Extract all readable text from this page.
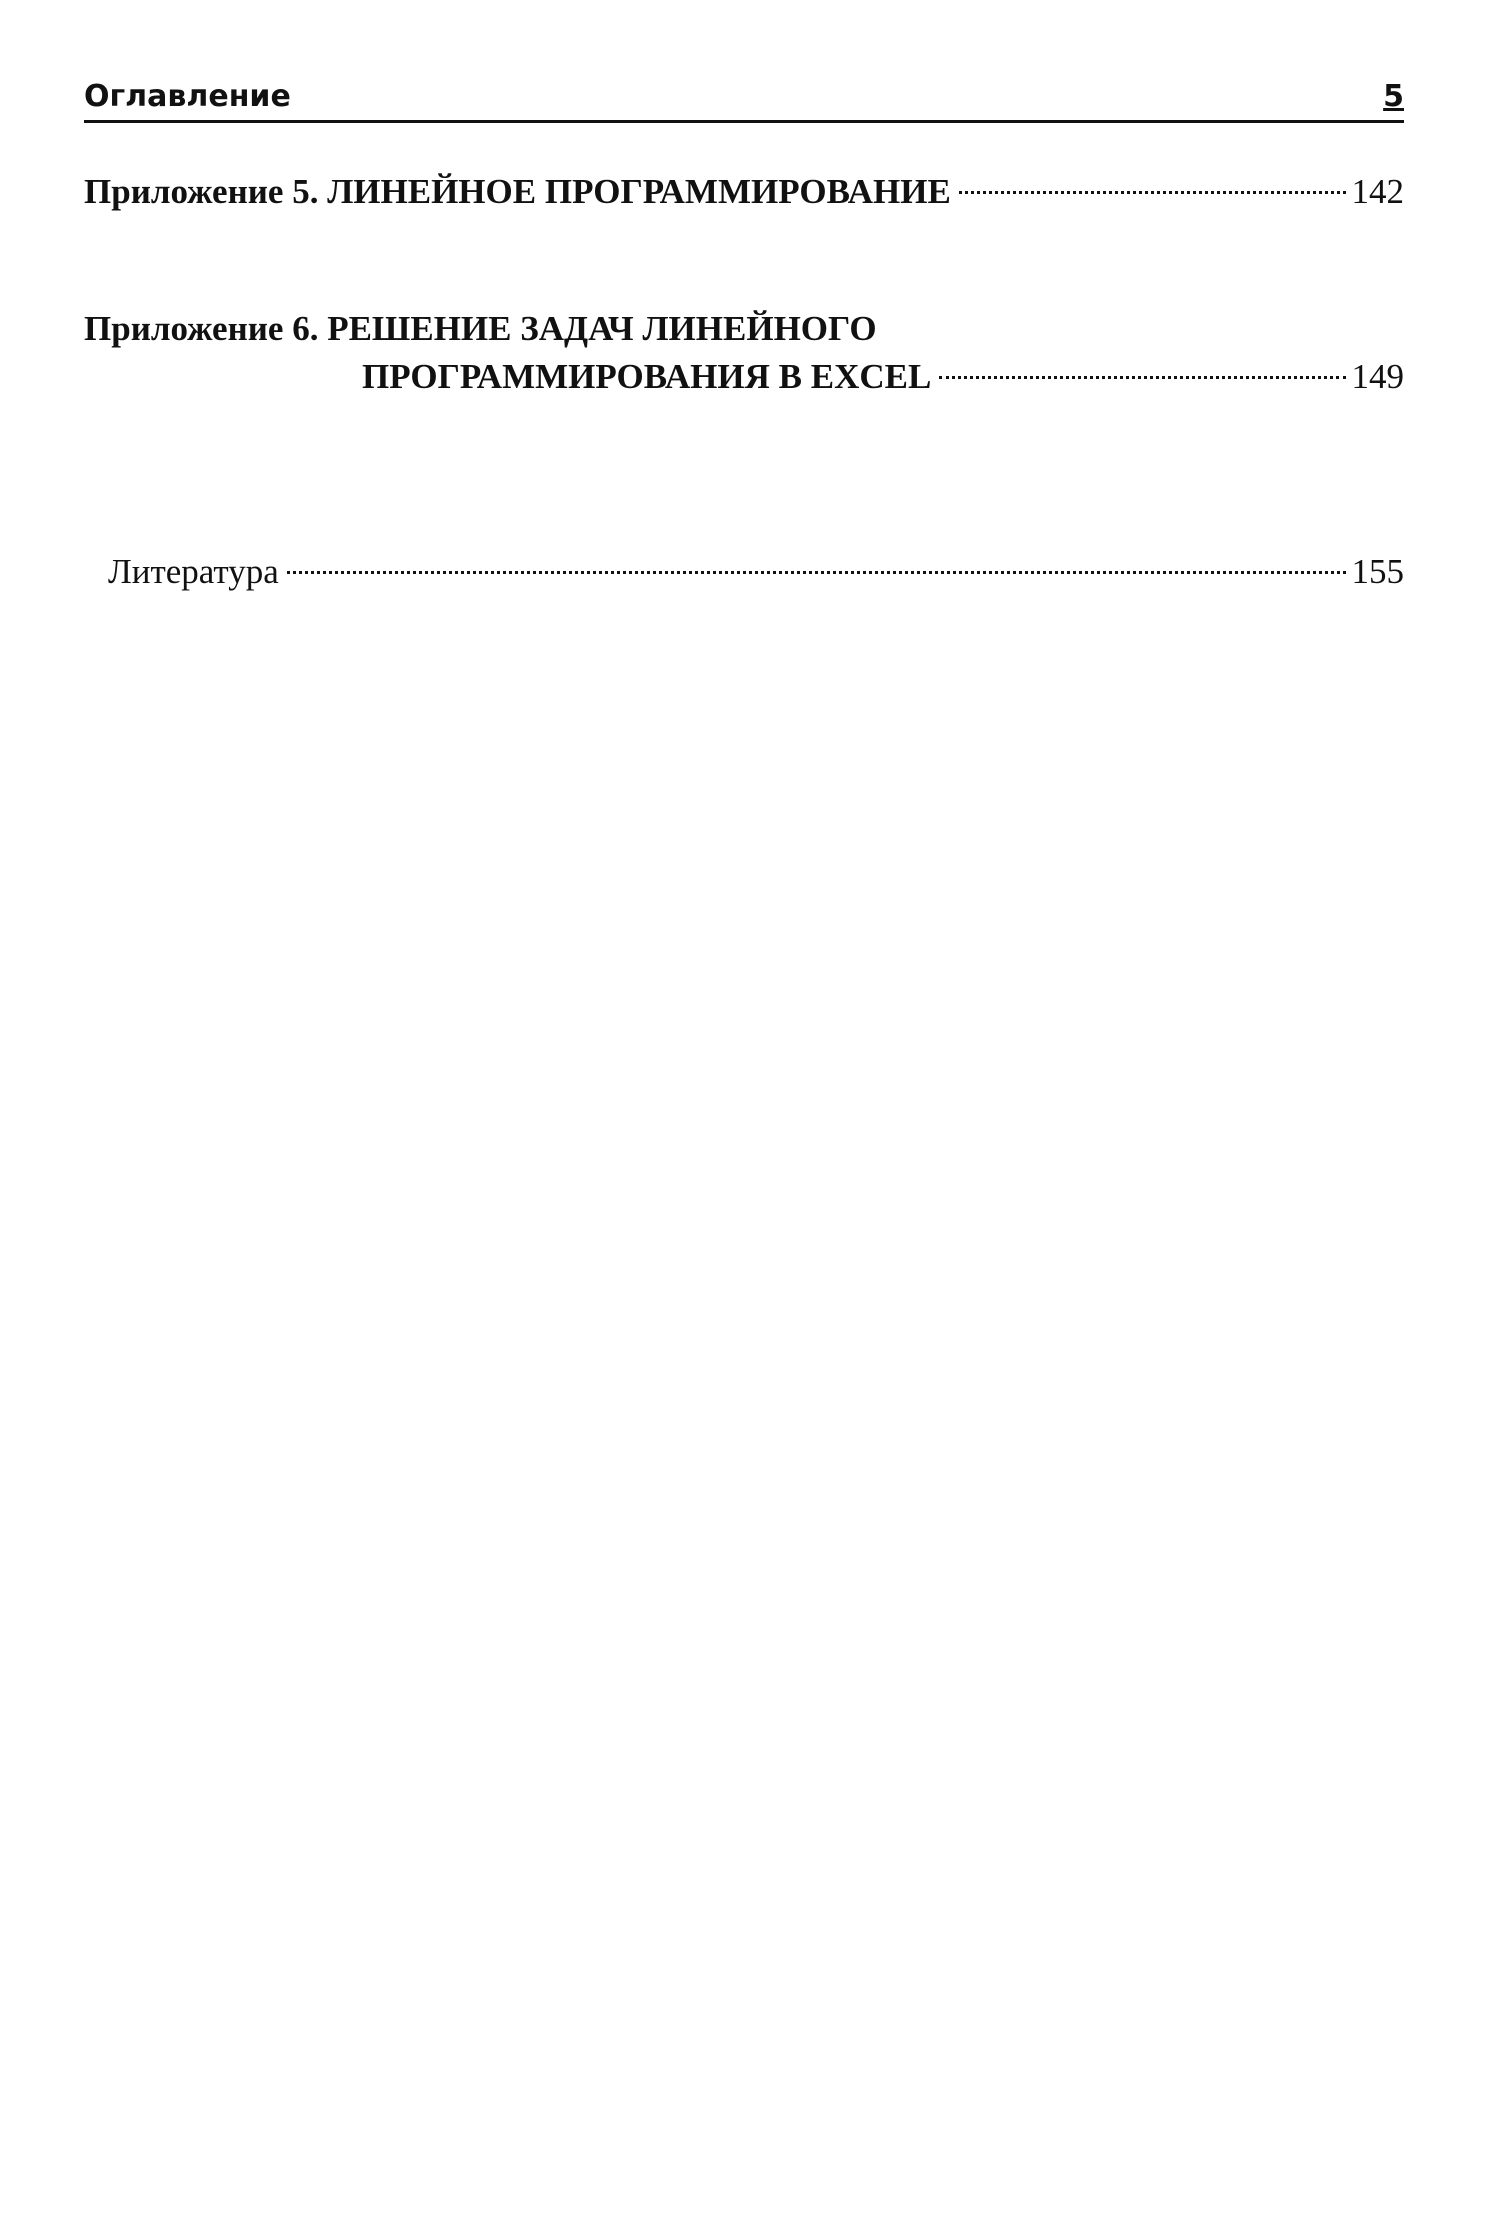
Оглавление	5
Приложение 5.
ЛИНЕЙНОЕ ПРОГРАММИРОВАНИЕ	142
Приложение 6.
РЕШЕНИЕ ЗАДАЧ ЛИНЕЙНОГО
ПРОГРАММИРОВАНИЯ В EXCEL	149
Литература	155
